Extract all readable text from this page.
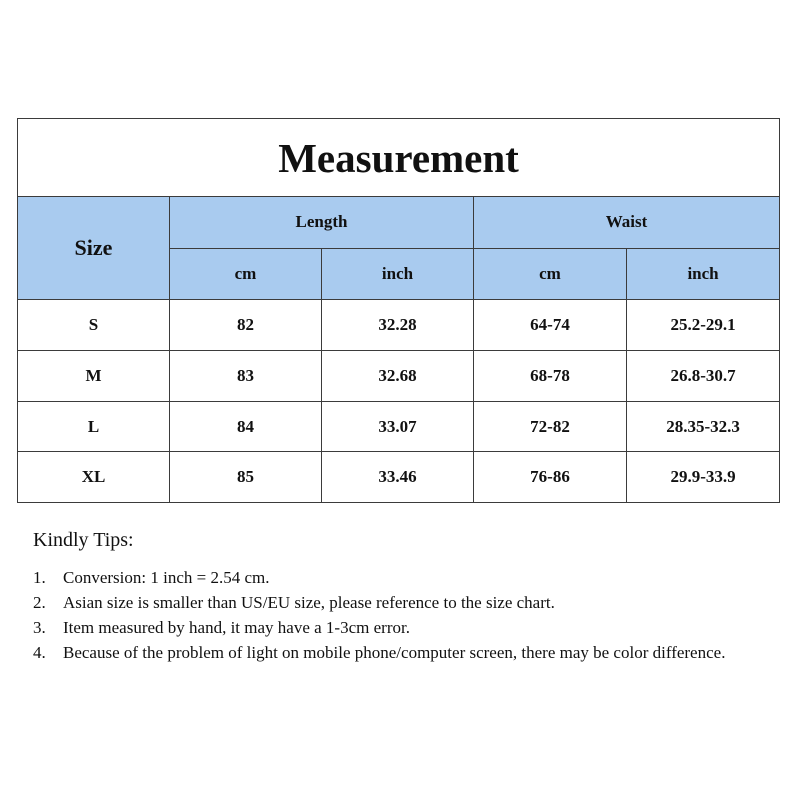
Measurement				
Size	Length		Waist	
	cm	inch	cm	inch
S	82	32.28	64-74	25.2-29.1
M	83	32.68	68-78	26.8-30.7
L	84	33.07	72-82	28.35-32.3
XL	85	33.46	76-86	29.9-33.9
Kindly Tips:
1. Conversion: 1 inch = 2.54 cm.
2. Asian size is smaller than US/EU size, please reference to the size chart.
3. Item measured by hand, it may have a 1-3cm error.
4. Because of the problem of light on mobile phone/computer screen, there may be color difference.
